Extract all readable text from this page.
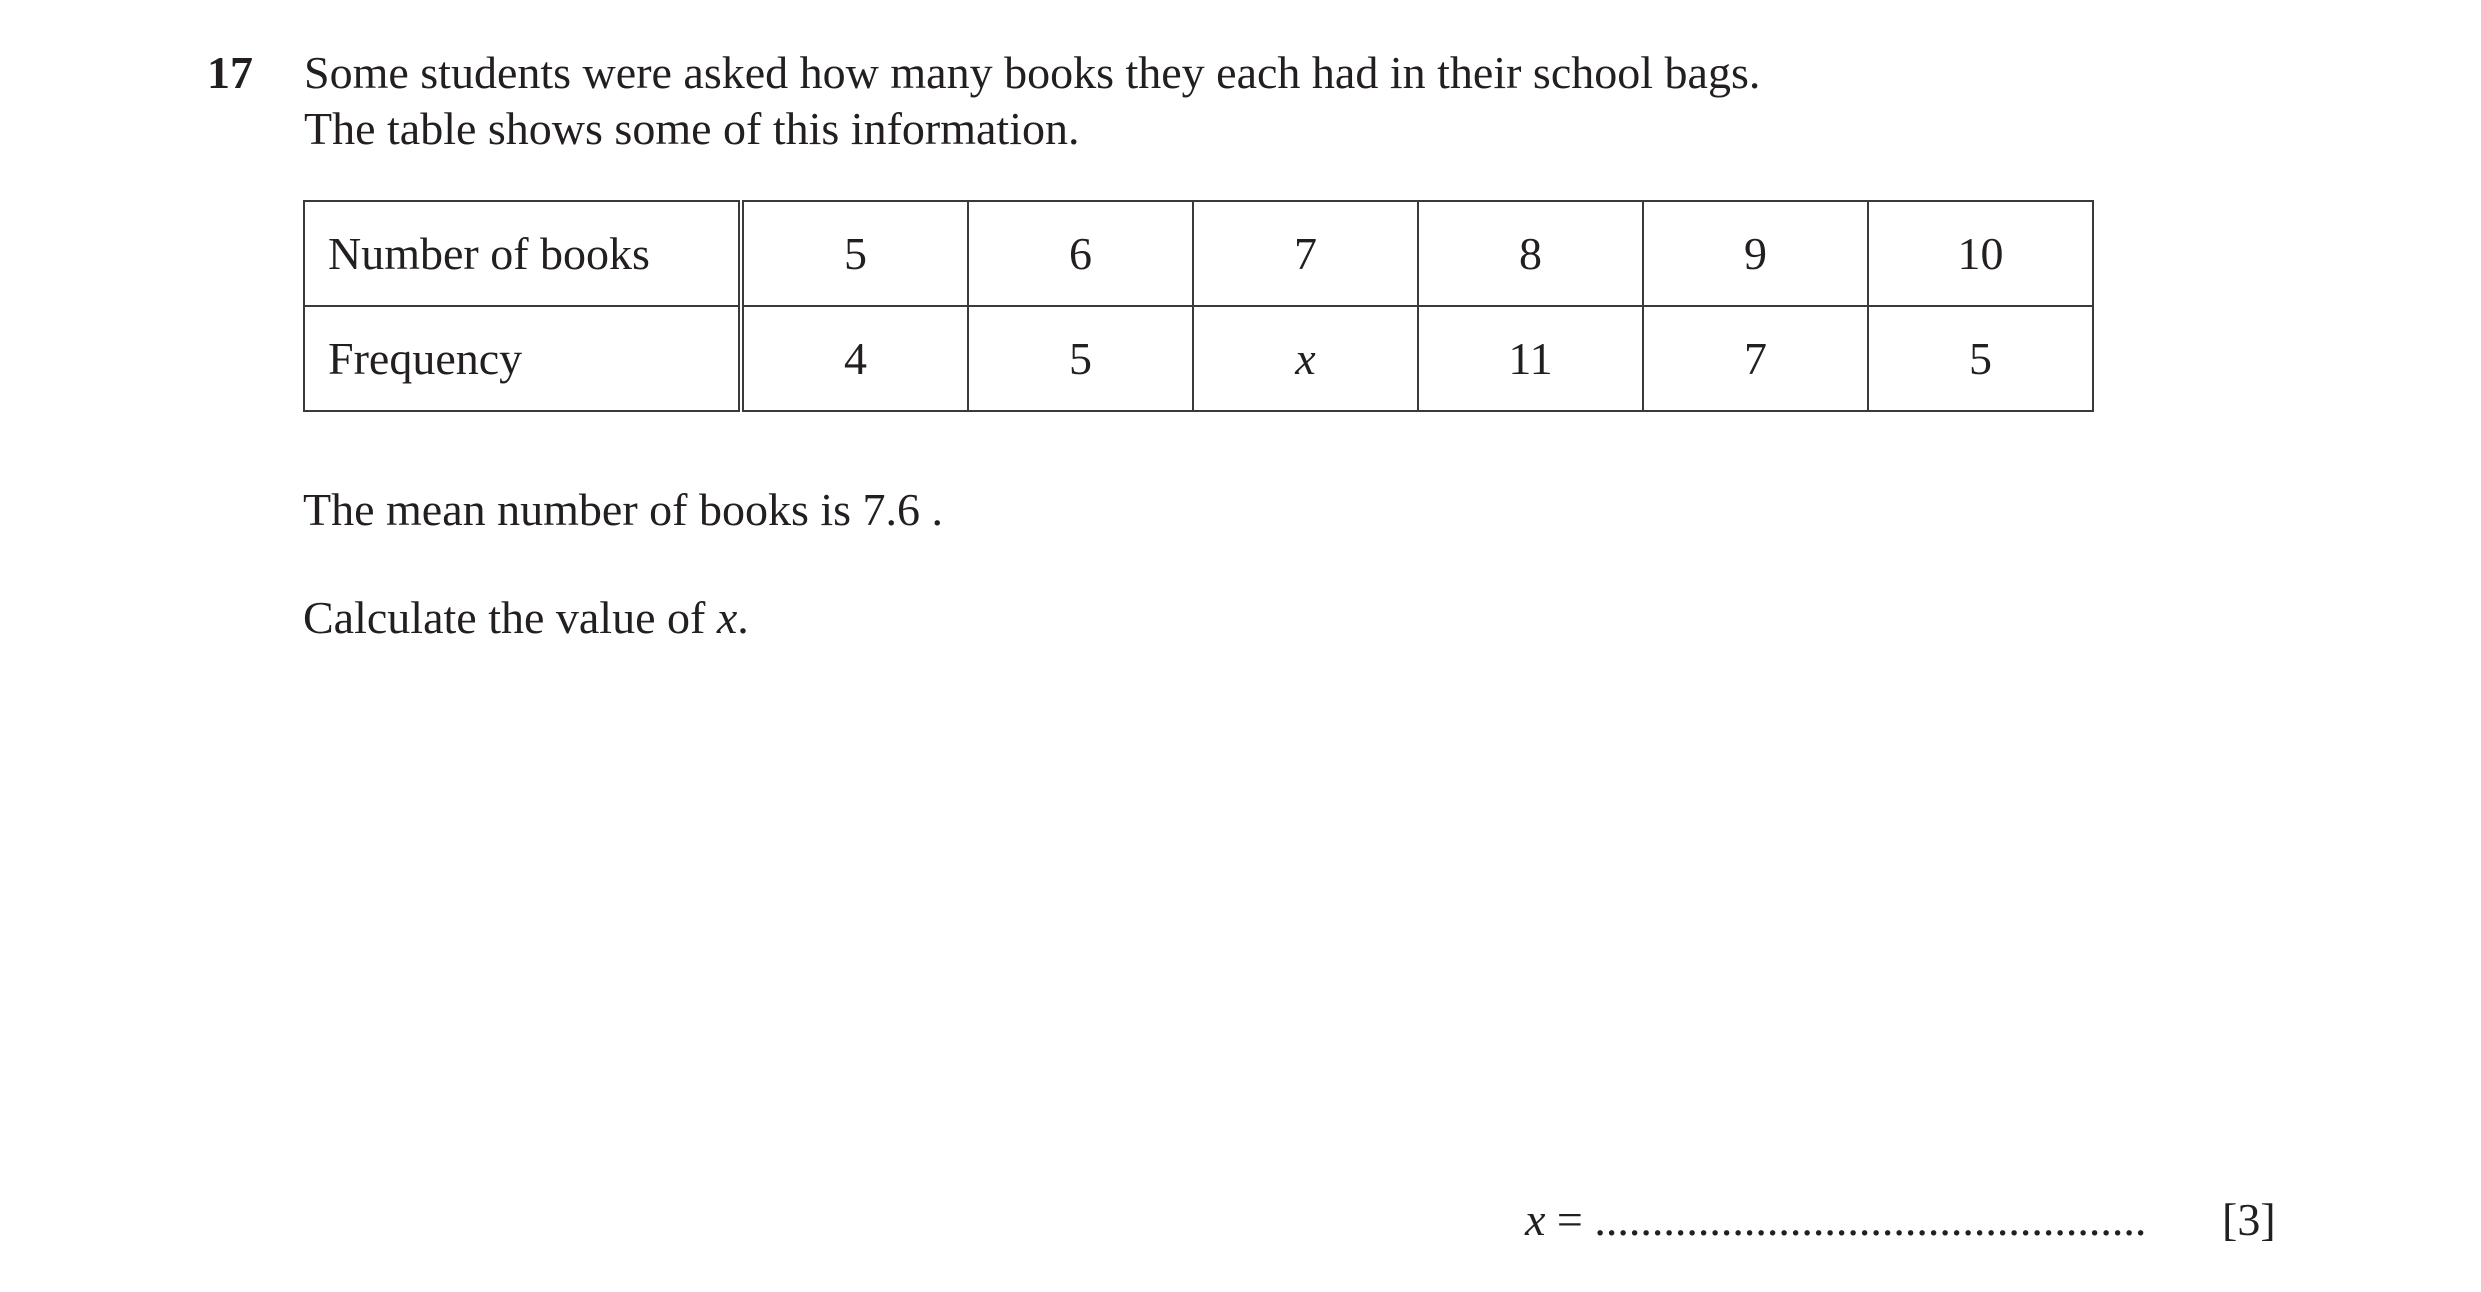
17 Some students were asked how many books they each had in their school bags.
The table shows some of this information.
Number of books	5	6	7	8	9	10
Frequency	4	5	x	11	7	5
The mean number of books is 7.6 .
Calculate the value of x.
x = ................................................ [3]
